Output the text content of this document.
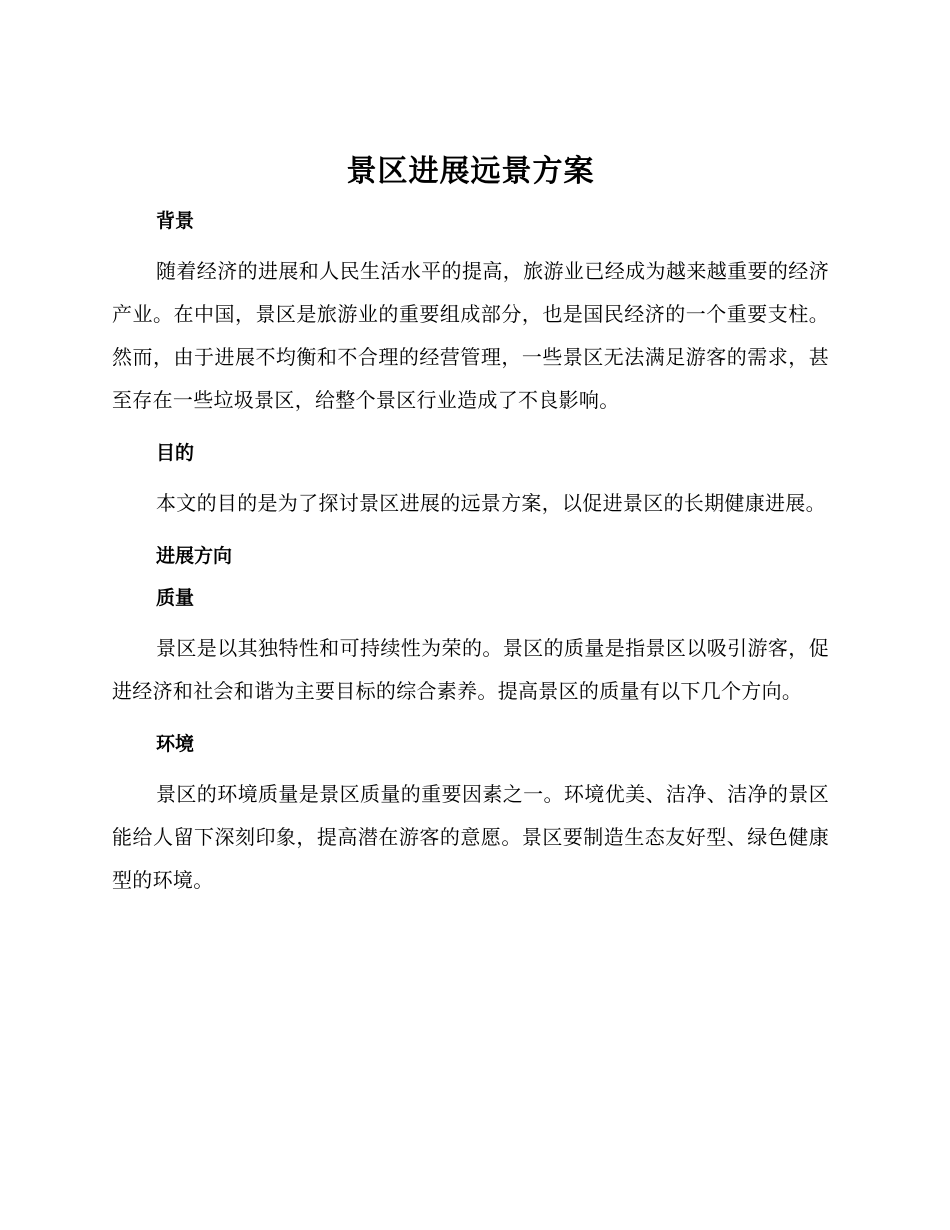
景区进展远景方案
背景

随着经济的进展和人民生活水平的提高，旅游业已经成为越来越重要的经济产业。在中国，景区是旅游业的重要组成部分，也是国民经济的一个重要支柱。然而，由于进展不均衡和不合理的经营管理，一些景区无法满足游客的需求，甚至存在一些垃圾景区，给整个景区行业造成了不良影响。

目的

本文的目的是为了探讨景区进展的远景方案，以促进景区的长期健康进展。

进展方向
质量

景区是以其独特性和可持续性为荣的。景区的质量是指景区以吸引游客，促进经济和社会和谐为主要目标的综合素养。提高景区的质量有以下几个方向。

环境

景区的环境质量是景区质量的重要因素之一。环境优美、洁净、洁净的景区能给人留下深刻印象，提高潜在游客的意愿。景区要制造生态友好型、绿色健康型的环境。
